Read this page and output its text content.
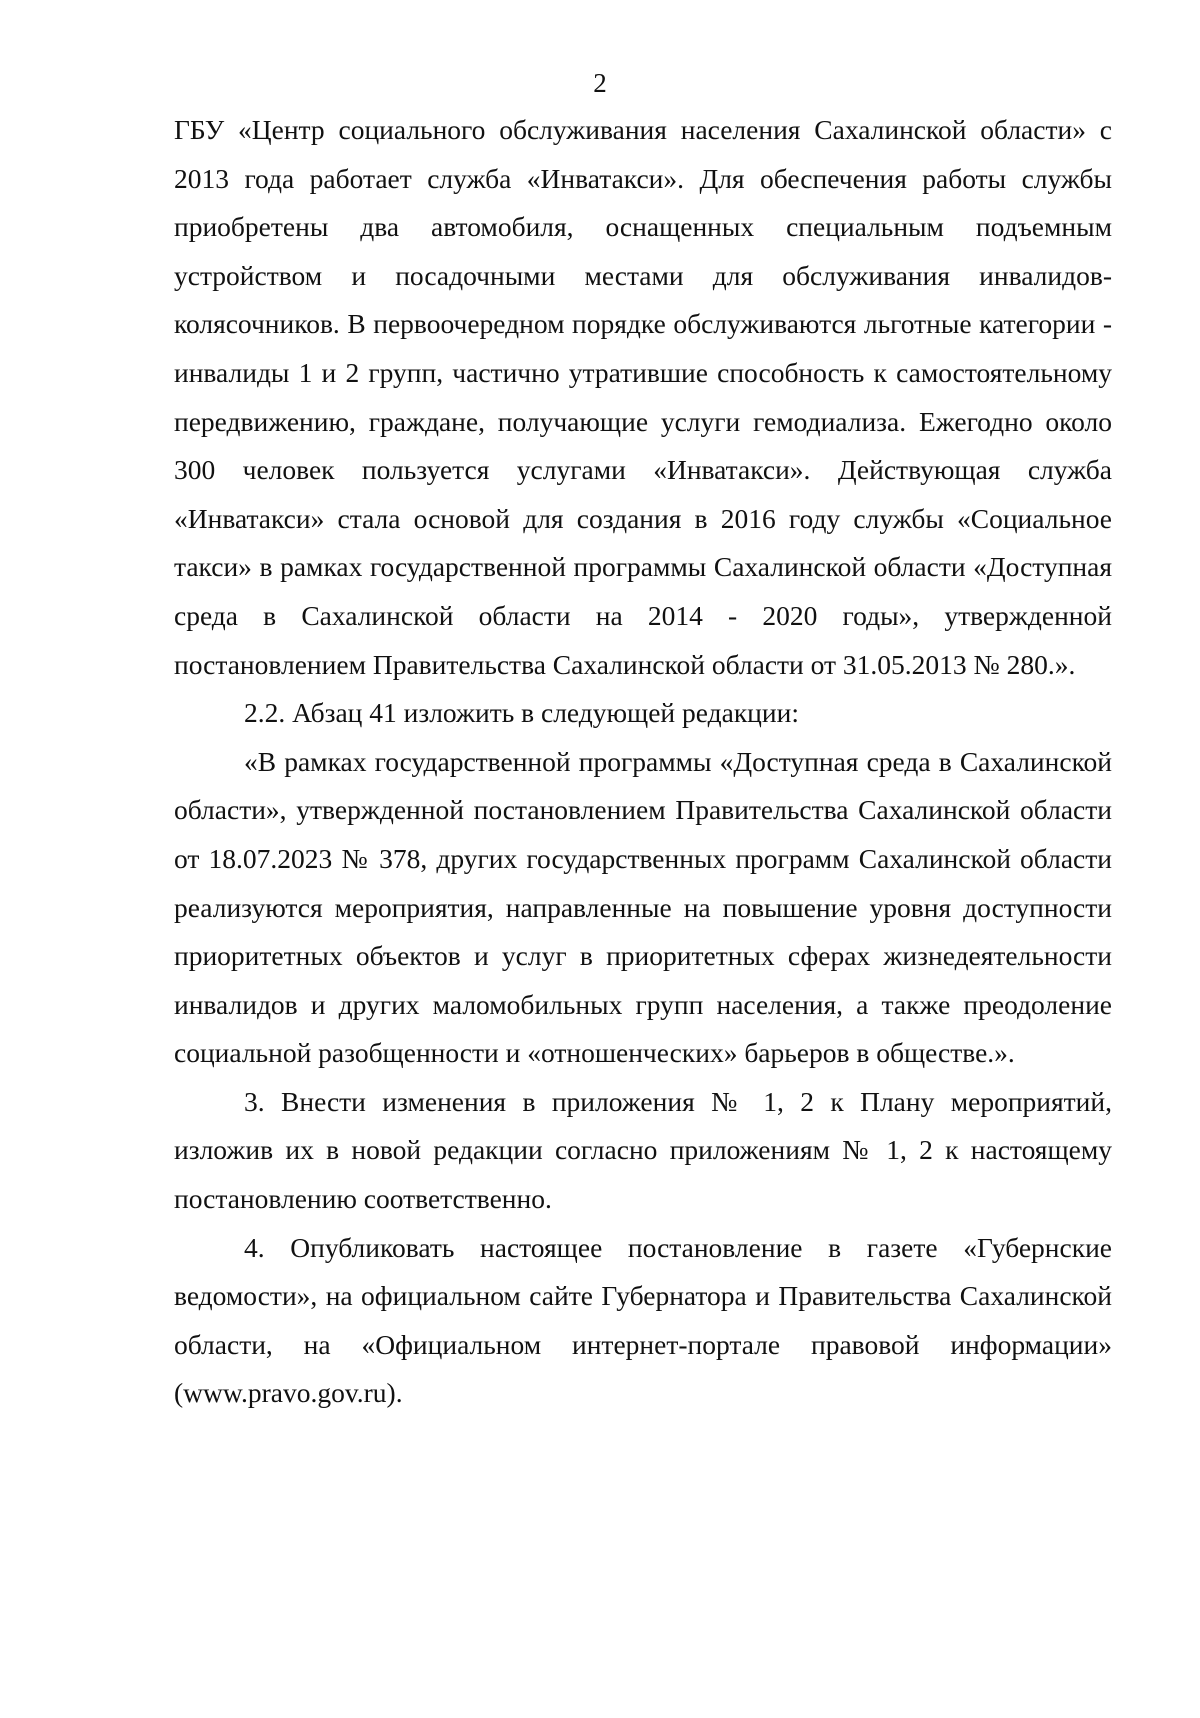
2

ГБУ «Центр социального обслуживания населения Сахалинской области» с 2013 года работает служба «Инватакси». Для обеспечения работы службы приобретены два автомобиля, оснащенных специальным подъемным устройством и посадочными местами для обслуживания инвалидов-колясочников. В первоочередном порядке обслуживаются льготные категории - инвалиды 1 и 2 групп, частично утратившие способность к самостоятельному передвижению, граждане, получающие услуги гемодиализа. Ежегодно около 300 человек пользуется услугами «Инватакси». Действующая служба «Инватакси» стала основой для создания в 2016 году службы «Социальное такси» в рамках государственной программы Сахалинской области «Доступная среда в Сахалинской области на 2014 - 2020 годы», утвержденной постановлением Правительства Сахалинской области от 31.05.2013 № 280.».

2.2. Абзац 41 изложить в следующей редакции:

«В рамках государственной программы «Доступная среда в Сахалинской области», утвержденной постановлением Правительства Сахалинской области от 18.07.2023 № 378, других государственных программ Сахалинской области реализуются мероприятия, направленные на повышение уровня доступности приоритетных объектов и услуг в приоритетных сферах жизнедеятельности инвалидов и других маломобильных групп населения, а также преодоление социальной разобщенности и «отношенческих» барьеров в обществе.».

3. Внести изменения в приложения № 1, 2 к Плану мероприятий, изложив их в новой редакции согласно приложениям № 1, 2 к настоящему постановлению соответственно.

4. Опубликовать настоящее постановление в газете «Губернские ведомости», на официальном сайте Губернатора и Правительства Сахалинской области, на «Официальном интернет-портале правовой информации» (www.pravo.gov.ru).
